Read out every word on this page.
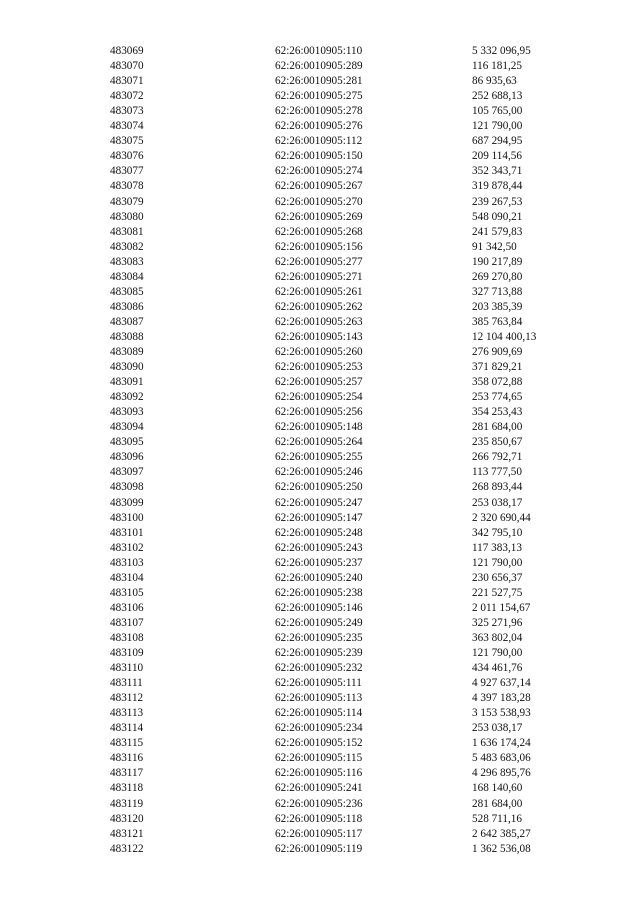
483069	62:26:0010905:110	5 332 096,95
483070	62:26:0010905:289	116 181,25
483071	62:26:0010905:281	86 935,63
483072	62:26:0010905:275	252 688,13
483073	62:26:0010905:278	105 765,00
483074	62:26:0010905:276	121 790,00
483075	62:26:0010905:112	687 294,95
483076	62:26:0010905:150	209 114,56
483077	62:26:0010905:274	352 343,71
483078	62:26:0010905:267	319 878,44
483079	62:26:0010905:270	239 267,53
483080	62:26:0010905:269	548 090,21
483081	62:26:0010905:268	241 579,83
483082	62:26:0010905:156	91 342,50
483083	62:26:0010905:277	190 217,89
483084	62:26:0010905:271	269 270,80
483085	62:26:0010905:261	327 713,88
483086	62:26:0010905:262	203 385,39
483087	62:26:0010905:263	385 763,84
483088	62:26:0010905:143	12 104 400,13
483089	62:26:0010905:260	276 909,69
483090	62:26:0010905:253	371 829,21
483091	62:26:0010905:257	358 072,88
483092	62:26:0010905:254	253 774,65
483093	62:26:0010905:256	354 253,43
483094	62:26:0010905:148	281 684,00
483095	62:26:0010905:264	235 850,67
483096	62:26:0010905:255	266 792,71
483097	62:26:0010905:246	113 777,50
483098	62:26:0010905:250	268 893,44
483099	62:26:0010905:247	253 038,17
483100	62:26:0010905:147	2 320 690,44
483101	62:26:0010905:248	342 795,10
483102	62:26:0010905:243	117 383,13
483103	62:26:0010905:237	121 790,00
483104	62:26:0010905:240	230 656,37
483105	62:26:0010905:238	221 527,75
483106	62:26:0010905:146	2 011 154,67
483107	62:26:0010905:249	325 271,96
483108	62:26:0010905:235	363 802,04
483109	62:26:0010905:239	121 790,00
483110	62:26:0010905:232	434 461,76
483111	62:26:0010905:111	4 927 637,14
483112	62:26:0010905:113	4 397 183,28
483113	62:26:0010905:114	3 153 538,93
483114	62:26:0010905:234	253 038,17
483115	62:26:0010905:152	1 636 174,24
483116	62:26:0010905:115	5 483 683,06
483117	62:26:0010905:116	4 296 895,76
483118	62:26:0010905:241	168 140,60
483119	62:26:0010905:236	281 684,00
483120	62:26:0010905:118	528 711,16
483121	62:26:0010905:117	2 642 385,27
483122	62:26:0010905:119	1 362 536,08
